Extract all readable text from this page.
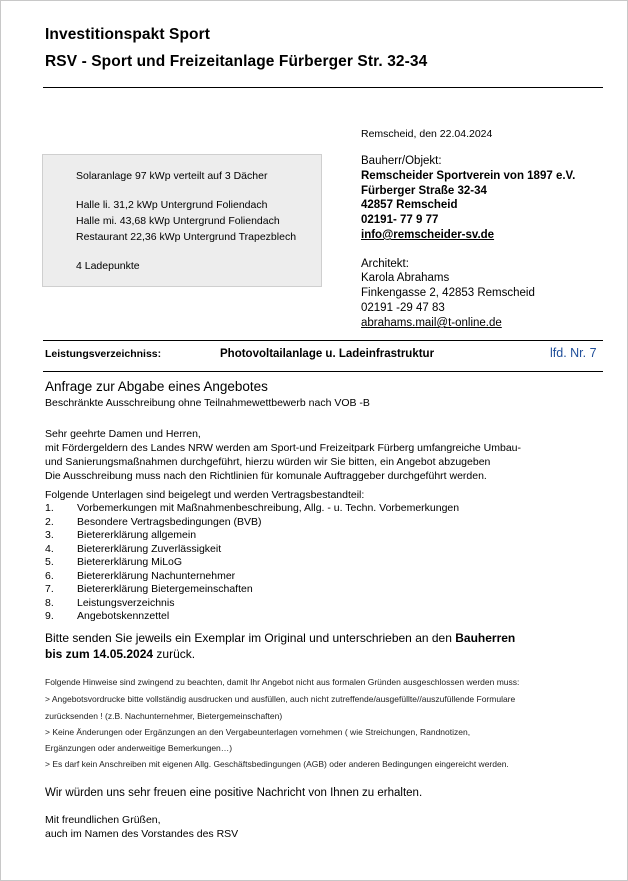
Investitionspakt Sport
RSV - Sport und Freizeitanlage Fürberger Str. 32-34
Remscheid, den 22.04.2024
Solaranlage 97 kWp verteilt auf 3 Dächer
Halle li. 31,2 kWp Untergrund Foliendach
Halle mi. 43,68 kWp Untergrund Foliendach
Restaurant 22,36 kWp Untergrund Trapezblech
4 Ladepunkte
Bauherr/Objekt:
Remscheider Sportverein von 1897 e.V.
Fürberger Straße 32-34
42857 Remscheid
02191- 77 9 77
info@remscheider-sv.de
Architekt:
Karola Abrahams
Finkengasse 2, 42853 Remscheid
02191 -29 47 83
abrahams.mail@t-online.de
Leistungsverzeichniss:	Photovoltailanlage u. Ladeinfrastruktur	lfd. Nr. 7
Anfrage zur Abgabe eines Angebotes
Beschränkte Ausschreibung ohne Teilnahmewettbewerb nach VOB -B
Sehr geehrte Damen und Herren,
mit Fördergeldern des Landes NRW werden am Sport-und Freizeitpark Fürberg umfangreiche Umbau-
und Sanierungsmaßnahmen durchgeführt, hierzu würden wir Sie bitten, ein Angebot abzugeben
Die Ausschreibung muss nach den Richtlinien für komunale Auftraggeber durchgeführt werden.
Folgende Unterlagen sind beigelegt und werden Vertragsbestandteil:
1. Vorbemerkungen mit Maßnahmenbeschreibung, Allg. - u. Techn. Vorbemerkungen
2. Besondere Vertragsbedingungen (BVB)
3. Bietererklärung allgemein
4. Bietererklärung Zuverlässigkeit
5. Bietererklärung MiLoG
6. Bietererklärung Nachunternehmer
7. Bietererklärung Bietergemeinschaften
8. Leistungsverzeichnis
9. Angebotskennzettel
Bitte senden Sie jeweils ein Exemplar im Original und unterschrieben an den Bauherren
bis zum 14.05.2024 zurück.
Folgende Hinweise sind zwingend zu beachten, damit Ihr Angebot nicht aus formalen Gründen ausgeschlossen werden muss:
> Angebotsvordrucke bitte vollständig ausdrucken und ausfüllen, auch nicht zutreffende/ausgefüllte//auszufüllende Formulare
zurücksenden ! (z.B. Nachunternehmer, Bietergemeinschaften)
> Keine Änderungen oder Ergänzungen an den Vergabeunterlagen vornehmen ( wie Streichungen, Randnotizen,
Ergänzungen oder anderweitige Bemerkungen…)
> Es darf kein Anschreiben mit eigenen Allg. Geschäftsbedingungen (AGB) oder anderen Bedingungen eingereicht werden.
Wir würden uns sehr freuen eine positive Nachricht von Ihnen zu erhalten.
Mit freundlichen Grüßen,
auch im Namen des Vorstandes des RSV
